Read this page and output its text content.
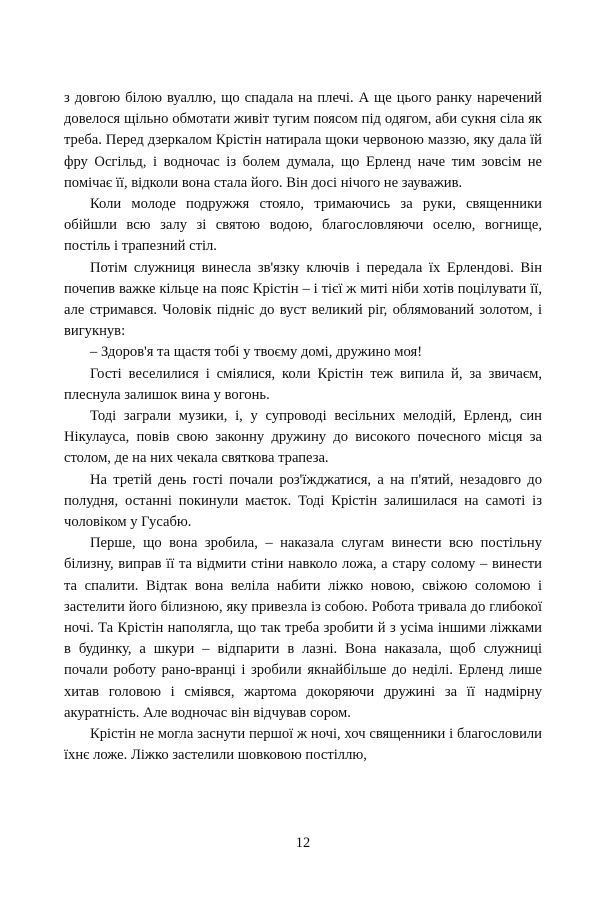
з довгою білою вуаллю, що спадала на плечі. А ще цього ранку наречений довелося щільно обмотати живіт тугим поясом під одягом, аби сукня сіла як треба. Перед дзеркалом Крістін натирала щоки червоною маззю, яку дала їй фру Осгільд, і водночас із болем думала, що Ерленд наче тим зовсім не помічає її, відколи вона стала його. Він досі нічого не зауважив.

Коли молоде подружжя стояло, тримаючись за руки, священники обійшли всю залу зі святою водою, благословляючи оселю, вогнище, постіль і трапезний стіл.

Потім служниця винесла зв'язку ключів і передала їх Ерлендові. Він почепив важке кільце на пояс Крістін – і тієї ж миті ніби хотів поцілувати її, але стримався. Чоловік підніс до вуст великий ріг, облямований золотом, і вигукнув:

– Здоров'я та щастя тобі у твоєму домі, дружино моя!

Гості веселилися і сміялися, коли Крістін теж випила й, за звичаєм, плеснула залишок вина у вогонь.

Тоді заграли музики, і, у супроводі весільних мелодій, Ерленд, син Нікулауса, повів свою законну дружину до високого почесного місця за столом, де на них чекала святкова трапеза.

На третій день гості почали роз'їжджатися, а на п'ятий, незадовго до полудня, останні покинули маєток. Тоді Крістін залишилася на самоті із чоловіком у Гусабю.

Перше, що вона зробила, – наказала слугам винести всю постільну білизну, виправ її та відмити стіни навколо ложа, а стару солому – винести та спалити. Відтак вона веліла набити ліжко новою, свіжою соломою і застелити його білизною, яку привезла із собою. Робота тривала до глибокої ночі. Та Крістін наполягла, що так треба зробити й з усіма іншими ліжками в будинку, а шкури – відпарити в лазні. Вона наказала, щоб служниці почали роботу рано-вранці і зробили якнайбільше до неділі. Ерленд лише хитав головою і сміявся, жартома докоряючи дружині за її надмірну акуратність. Але водночас він відчував сором.

Крістін не могла заснути першої ж ночі, хоч священники і благословили їхнє ложе. Ліжко застелили шовковою постіллю,

12
